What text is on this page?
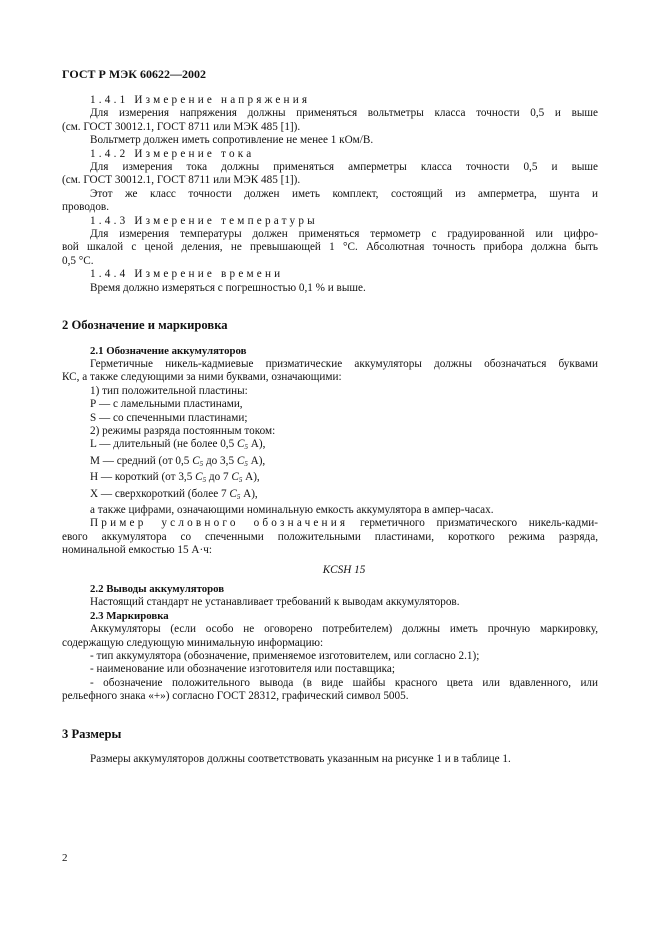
ГОСТ Р МЭК 60622—2002

1.4.1 Измерение напряжения

Для измерения напряжения должны применяться вольтметры класса точности 0,5 и выше

(см. ГОСТ 30012.1, ГОСТ 8711 или МЭК 485 [1]).

Вольтметр должен иметь сопротивление не менее 1 кОм/В.

1.4.2 Измерение тока

Для измерения тока должны применяться амперметры класса точности 0,5 и выше

(см. ГОСТ 30012.1, ГОСТ 8711 или МЭК 485 [1]).

Этот же класс точности должен иметь комплект, состоящий из амперметра, шунта и

проводов.

1.4.3 Измерение температуры

Для измерения температуры должен применяться термометр с градуированной или цифро-

вой шкалой с ценой деления, не превышающей 1 °С. Абсолютная точность прибора должна быть

0,5 °С.

1.4.4 Измерение времени

Время должно измеряться с погрешностью 0,1 % и выше.

2 Обозначение и маркировка

2.1 Обозначение аккумуляторов

Герметичные никель-кадмиевые призматические аккумуляторы должны обозначаться буквами

КС, а также следующими за ними буквами, означающими:

1) тип положительной пластины:

Р — с ламельными пластинами,

S — со спеченными пластинами;

2) режимы разряда постоянным током:

L — длительный (не более 0,5 $C_5$ А),

M — средний (от 0,5 $C_5$ до 3,5 $C_5$ А),

H — короткий (от 3,5 $C_5$ до 7 $C_5$ А),

X — сверхкороткий (более 7 $C_5$ А),

а также цифрами, означающими номинальную емкость аккумулятора в ампер-часах.

Пример условного обозначения герметичного призматического никель-кадми-

евого аккумулятора со спеченными положительными пластинами, короткого режима разряда,

номинальной емкостью 15 А·ч:

KCSH 15

2.2 Выводы аккумуляторов

Настоящий стандарт не устанавливает требований к выводам аккумуляторов.

2.3 Маркировка

Аккумуляторы (если особо не оговорено потребителем) должны иметь прочную маркировку,

содержащую следующую минимальную информацию:

- тип аккумулятора (обозначение, применяемое изготовителем, или согласно 2.1);

- наименование или обозначение изготовителя или поставщика;

- обозначение положительного вывода (в виде шайбы красного цвета или вдавленного, или

рельефного знака «+») согласно ГОСТ 28312, графический символ 5005.

3 Размеры

Размеры аккумуляторов должны соответствовать указанным на рисунке 1 и в таблице 1.

2
